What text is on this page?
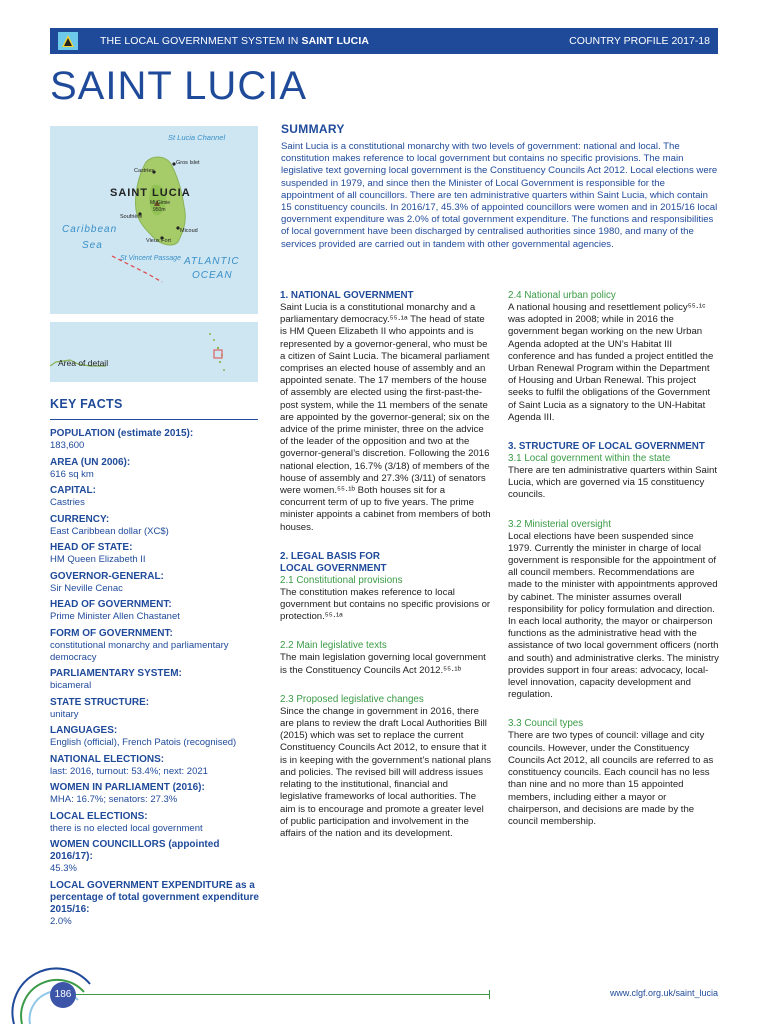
THE LOCAL GOVERNMENT SYSTEM IN SAINT LUCIA	COUNTRY PROFILE 2017-18
SAINT LUCIA
St Lucia Channel
SAINT LUCIA
Caribbean
Sea
St Vincent Passage ATLANTIC
OCEAN
Castries
Gros Islet
Mt Gimie
950m
Soufrière
Micoud
Vieux Fort
Area of detail
KEY FACTS
POPULATION (estimate 2015):
183,600
AREA (UN 2006):
616 sq km
CAPITAL:
Castries
CURRENCY:
East Caribbean dollar (XC$)
HEAD OF STATE:
HM Queen Elizabeth II
GOVERNOR-GENERAL:
Sir Neville Cenac
HEAD OF GOVERNMENT:
Prime Minister Allen Chastanet
FORM OF GOVERNMENT:
constitutional monarchy and parliamentary democracy
PARLIAMENTARY SYSTEM:
bicameral
STATE STRUCTURE:
unitary
LANGUAGES:
English (official), French Patois (recognised)
NATIONAL ELECTIONS:
last: 2016, turnout: 53.4%; next: 2021
WOMEN IN PARLIAMENT (2016):
MHA: 16.7%; senators: 27.3%
LOCAL ELECTIONS:
there is no elected local government
WOMEN COUNCILLORS (appointed 2016/17):
45.3%
LOCAL GOVERNMENT EXPENDITURE as a percentage of total government expenditure 2015/16:
2.0%
SUMMARY

Saint Lucia is a constitutional monarchy with two levels of government: national and local. The constitution makes reference to local government but contains no specific provisions. The main legislative text governing local government is the Constituency Councils Act 2012. Local elections were suspended in 1979, and since then the Minister of Local Government is responsible for the appointment of all councillors. There are ten administrative quarters within Saint Lucia, which contain 15 constituency councils. In 2016/17, 45.3% of appointed councillors were women and in 2015/16 local government expenditure was 2.0% of total government expenditure. The functions and responsibilities of local government have been discharged by centralised authorities since 1980, and many of the services provided are carried out in tandem with other governmental agencies.

1. NATIONAL GOVERNMENT

Saint Lucia is a constitutional monarchy and a parliamentary democracy.⁵⁵·¹ᵃ The head of state is HM Queen Elizabeth II who appoints and is represented by a governor-general, who must be a citizen of Saint Lucia. The bicameral parliament comprises an elected house of assembly and an appointed senate. The 17 members of the house of assembly are elected using the first-past-the-post system, while the 11 members of the senate are appointed by the governor-general; six on the advice of the prime minister, three on the advice of the leader of the opposition and two at the governor-general’s discretion. Following the 2016 national election, 16.7% (3/18) of members of the house of assembly and 27.3% (3/11) of senators were women.⁵⁵·¹ᵇ Both houses sit for a concurrent term of up to five years. The prime minister appoints a cabinet from members of both houses.

2. LEGAL BASIS FOR
LOCAL GOVERNMENT
2.1 Constitutional provisions

The constitution makes reference to local government but contains no specific provisions or protection.⁵⁵·¹ᵃ

2.2 Main legislative texts

The main legislation governing local government is the Constituency Councils Act 2012.⁵⁵·¹ᵇ

2.3 Proposed legislative changes

Since the change in government in 2016, there are plans to review the draft Local Authorities Bill (2015) which was set to replace the current Constituency Councils Act 2012, to ensure that it is in keeping with the government’s national plans and policies. The revised bill will address issues relating to the institutional, financial and legislative frameworks of local authorities. The aim is to encourage and promote a greater level of public participation and involvement in the affairs of the nation and its development.

2.4 National urban policy

A national housing and resettlement policy⁵⁵·¹ᶜ was adopted in 2008; while in 2016 the government began working on the new Urban Agenda adopted at the UN’s Habitat III conference and has funded a project entitled the Urban Renewal Program within the Department of Housing and Urban Renewal. This project seeks to fulfil the obligations of the Government of Saint Lucia as a signatory to the UN-Habitat Agenda III.

3. STRUCTURE OF LOCAL GOVERNMENT
3.1 Local government within the state

There are ten administrative quarters within Saint Lucia, which are governed via 15 constituency councils.

3.2 Ministerial oversight

Local elections have been suspended since 1979. Currently the minister in charge of local government is responsible for the appointment of all council members. Recommendations are made to the minister with appointments approved by cabinet. The minister assumes overall responsibility for policy formulation and direction. In each local authority, the mayor or chairperson functions as the administrative head with the assistance of two local government officers (north and south) and administrative clerks. The ministry provides support in four areas: advocacy, local-level innovation, capacity development and regulation.

3.3 Council types

There are two types of council: village and city councils. However, under the Constituency Councils Act 2012, all councils are referred to as constituency councils. Each council has no less than nine and no more than 15 appointed members, including either a mayor or chairperson, and decisions are made by the council membership.

186	www.clgf.org.uk/saint_lucia
